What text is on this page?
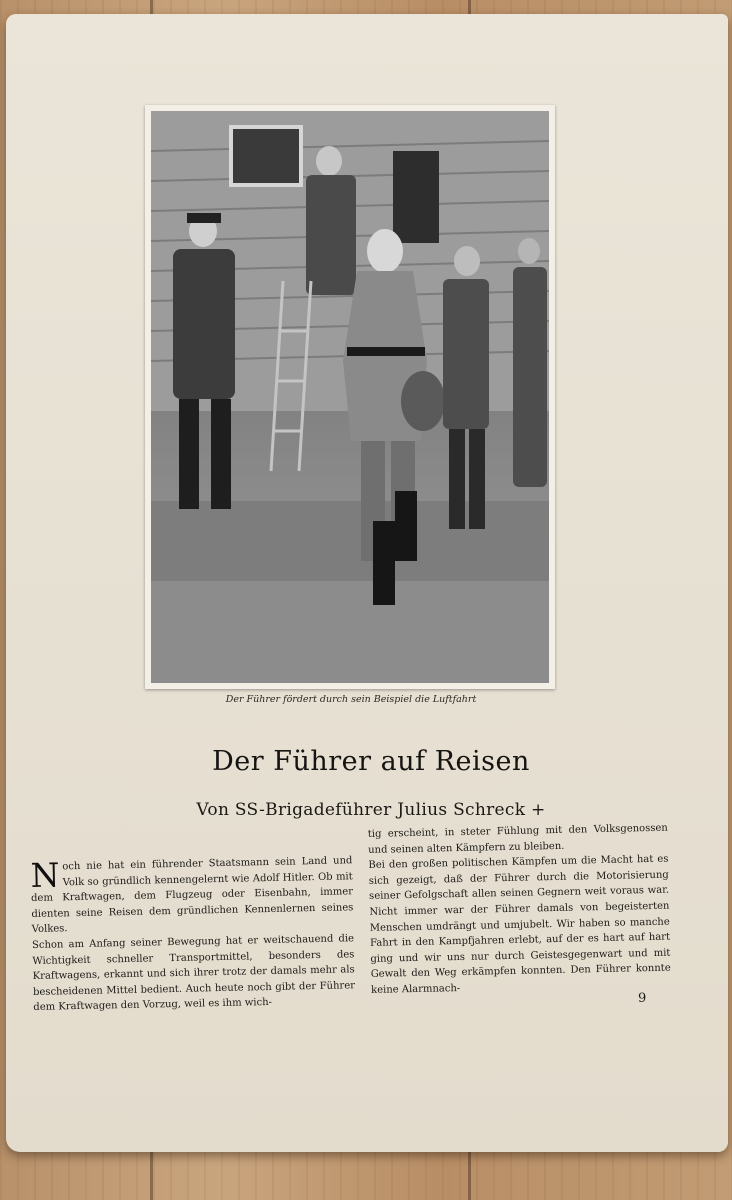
Der Führer fördert durch sein Beispiel die Luftfahrt
Der Führer auf Reisen
Von SS-Brigadeführer Julius Schreck +

Noch nie hat ein führender Staatsmann sein Land und Volk so gründlich kennengelernt wie Adolf Hitler. Ob mit dem Kraftwagen, dem Flugzeug oder Eisenbahn, immer dienten seine Reisen dem gründlichen Kennenlernen seines Volkes.

Schon am Anfang seiner Bewegung hat er weitschauend die Wichtigkeit schneller Transportmittel, besonders des Kraftwagens, erkannt und sich ihrer trotz der damals mehr als bescheidenen Mittel bedient. Auch heute noch gibt der Führer dem Kraftwagen den Vorzug, weil es ihm wich-

tig erscheint, in steter Fühlung mit den Volksgenossen und seinen alten Kämpfern zu bleiben.

Bei den großen politischen Kämpfen um die Macht hat es sich gezeigt, daß der Führer durch die Motorisierung seiner Gefolgschaft allen seinen Gegnern weit voraus war. Nicht immer war der Führer damals von begeisterten Menschen umdrängt und umjubelt. Wir haben so manche Fahrt in den Kampfjahren erlebt, auf der es hart auf hart ging und wir uns nur durch Geistesgegenwart und mit Gewalt den Weg erkämpfen konnten. Den Führer konnte keine Alarmnach-

9
